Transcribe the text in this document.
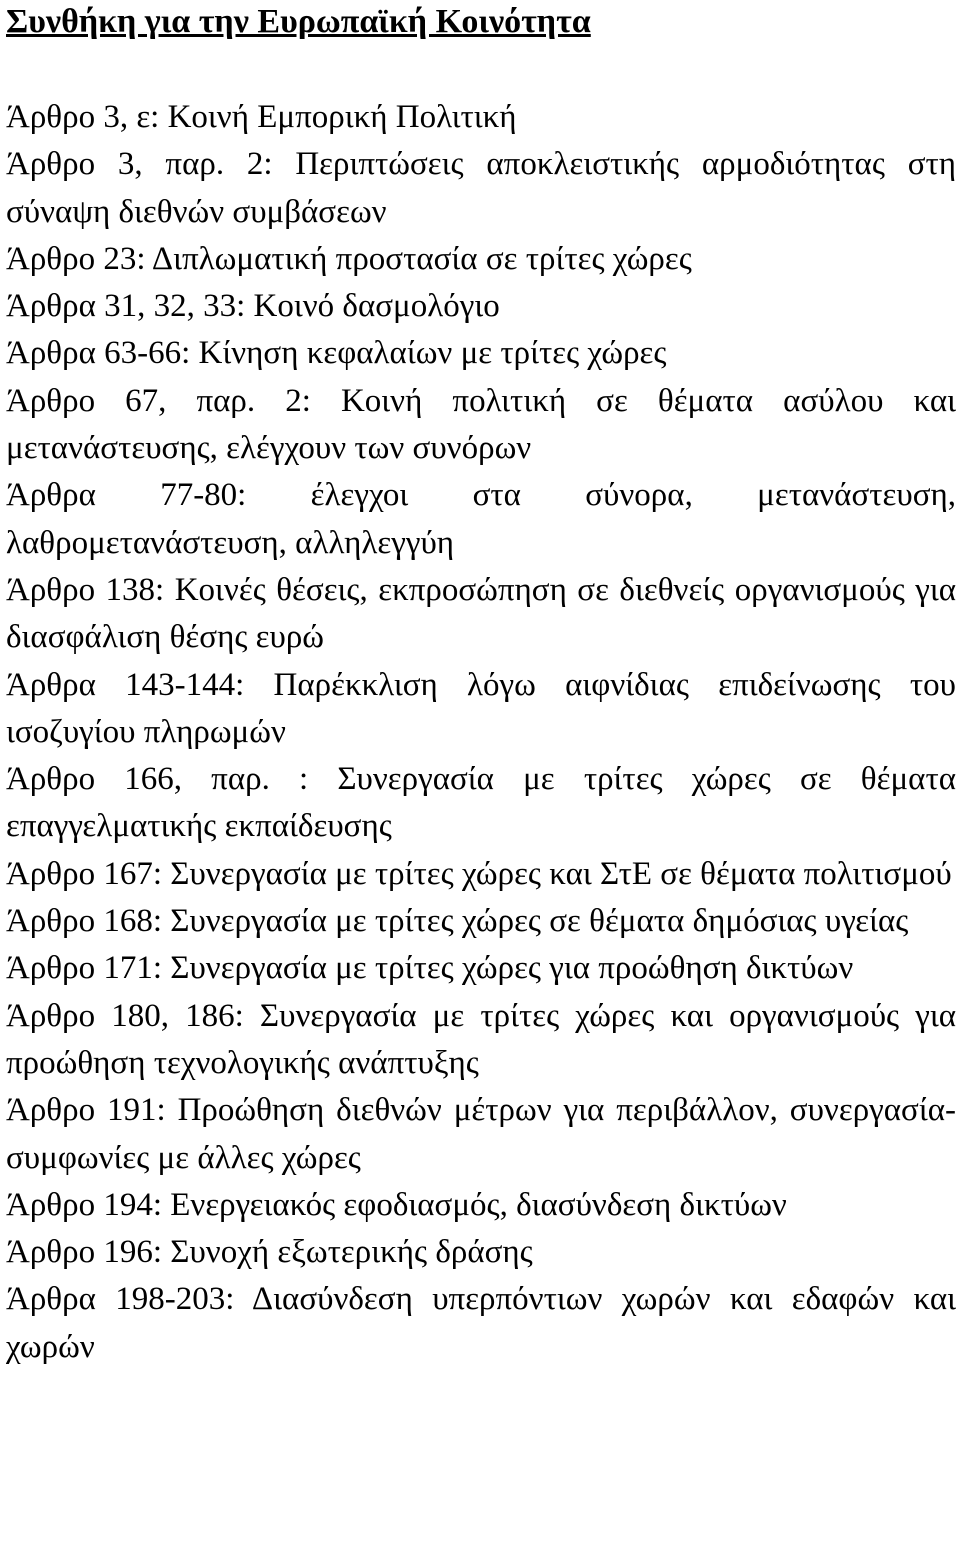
Συνθήκη για την Ευρωπαϊκή Κοινότητα
Άρθρο 3, ε: Κοινή Εμπορική Πολιτική
Άρθρο 3, παρ. 2: Περιπτώσεις αποκλειστικής αρμοδιότητας στη σύναψη διεθνών συμβάσεων
Άρθρο 23: Διπλωματική προστασία σε τρίτες χώρες
Άρθρα 31, 32, 33: Κοινό δασμολόγιο
Άρθρα 63-66: Κίνηση κεφαλαίων με τρίτες χώρες
Άρθρο 67, παρ. 2: Κοινή πολιτική σε θέματα ασύλου και μετανάστευσης, ελέγχουν των συνόρων
Άρθρα 77-80: έλεγχοι στα σύνορα, μετανάστευση, λαθρομετανάστευση, αλληλεγγύη
Άρθρο 138: Κοινές θέσεις, εκπροσώπηση σε διεθνείς οργανισμούς για διασφάλιση θέσης ευρώ
Άρθρα 143-144: Παρέκκλιση λόγω αιφνίδιας επιδείνωσης του ισοζυγίου πληρωμών
Άρθρο 166, παρ. : Συνεργασία με τρίτες χώρες σε θέματα επαγγελματικής εκπαίδευσης
Άρθρο 167: Συνεργασία με τρίτες χώρες και ΣτΕ σε θέματα πολιτισμού
Άρθρο 168: Συνεργασία με τρίτες χώρες σε θέματα δημόσιας υγείας
Άρθρο 171: Συνεργασία με τρίτες χώρες για προώθηση δικτύων
Άρθρο 180, 186: Συνεργασία με τρίτες χώρες και οργανισμούς για προώθηση τεχνολογικής ανάπτυξης
Άρθρο 191: Προώθηση διεθνών μέτρων για περιβάλλον, συνεργασία-συμφωνίες με άλλες χώρες
Άρθρο 194: Ενεργειακός εφοδιασμός, διασύνδεση δικτύων
Άρθρο 196: Συνοχή εξωτερικής δράσης
Άρθρα 198-203: Διασύνδεση υπερπόντιων χωρών και εδαφών και χωρών
